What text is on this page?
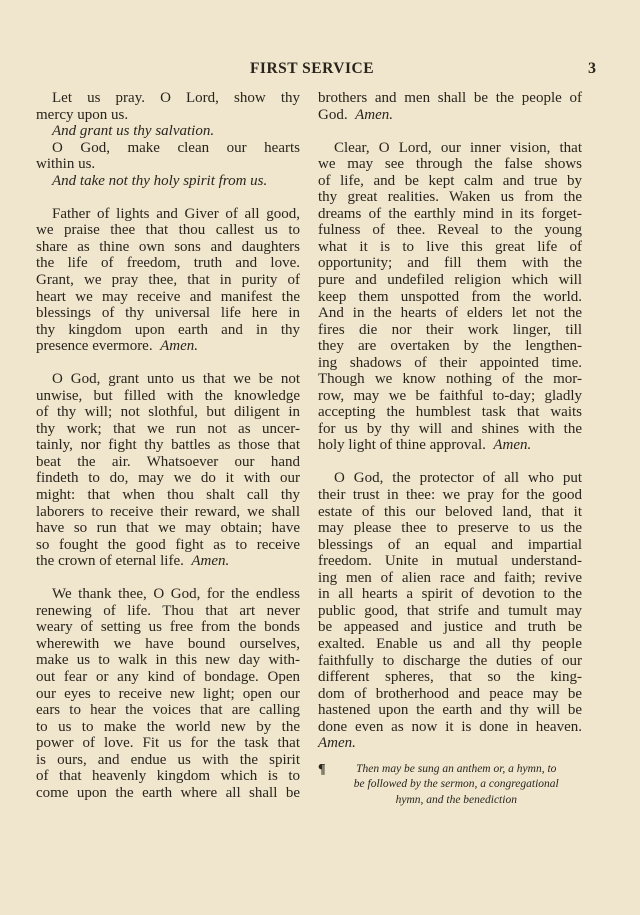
FIRST SERVICE	3

Let us pray. O Lord, show thy

mercy upon us.

And grant us thy salvation.

O God, make clean our hearts

within us.

And take not thy holy spirit from us.

Father of lights and Giver of all good,

we praise thee that thou callest us to

share as thine own sons and daughters

the life of freedom, truth and love.

Grant, we pray thee, that in purity of

heart we may receive and manifest the

blessings of thy universal life here in

thy kingdom upon earth and in thy

presence evermore. Amen.

O God, grant unto us that we be not

unwise, but filled with the knowledge

of thy will; not slothful, but diligent in

thy work; that we run not as uncer-

tainly, nor fight thy battles as those that

beat the air. Whatsoever our hand

findeth to do, may we do it with our

might: that when thou shalt call thy

laborers to receive their reward, we shall

have so run that we may obtain; have

so fought the good fight as to receive

the crown of eternal life. Amen.

We thank thee, O God, for the endless

renewing of life. Thou that art never

weary of setting us free from the bonds

wherewith we have bound ourselves,

make us to walk in this new day with-

out fear or any kind of bondage. Open

our eyes to receive new light; open our

ears to hear the voices that are calling

to us to make the world new by the

power of love. Fit us for the task that

is ours, and endue us with the spirit

of that heavenly kingdom which is to

come upon the earth where all shall be

brothers and men shall be the people of

God. Amen.

Clear, O Lord, our inner vision, that

we may see through the false shows

of life, and be kept calm and true by

thy great realities. Waken us from the

dreams of the earthly mind in its forget-

fulness of thee. Reveal to the young

what it is to live this great life of

opportunity; and fill them with the

pure and undefiled religion which will

keep them unspotted from the world.

And in the hearts of elders let not the

fires die nor their work linger, till

they are overtaken by the lengthen-

ing shadows of their appointed time.

Though we know nothing of the mor-

row, may we be faithful to-day; gladly

accepting the humblest task that waits

for us by thy will and shines with the

holy light of thine approval. Amen.

O God, the protector of all who put

their trust in thee: we pray for the good

estate of this our beloved land, that it

may please thee to preserve to us the

blessings of an equal and impartial

freedom. Unite in mutual understand-

ing men of alien race and faith; revive

in all hearts a spirit of devotion to the

public good, that strife and tumult may

be appeased and justice and truth be

exalted. Enable us and all thy people

faithfully to discharge the duties of our

different spheres, that so the king-

dom of brotherhood and peace may be

hastened upon the earth and thy will be

done even as now it is done in heaven.

Amen.

¶	Then may be sung an anthem or, a hymn, to
be followed by the sermon, a congregational
hymn, and the benediction
